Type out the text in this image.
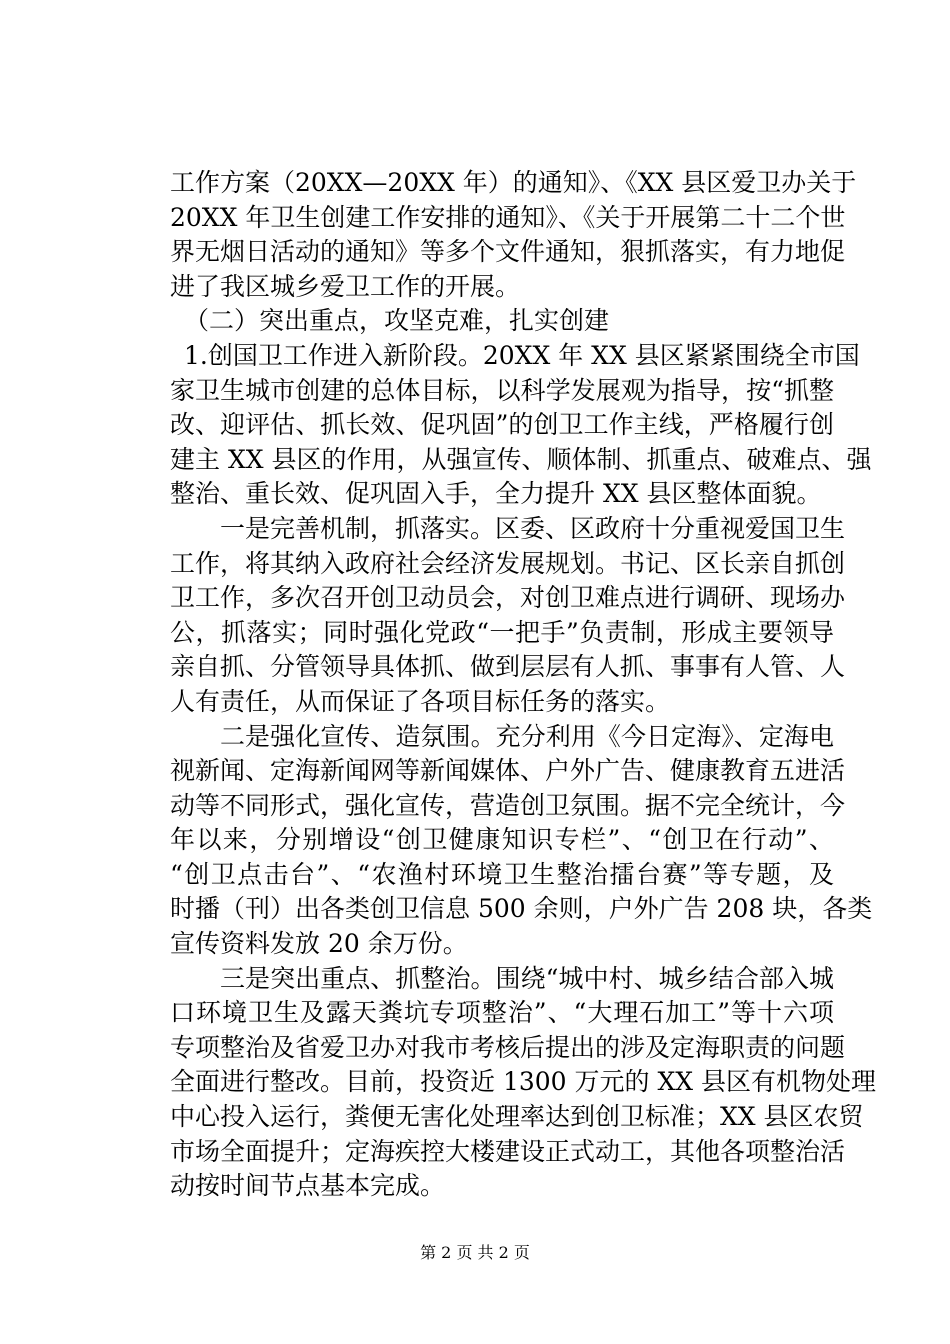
工作方案（20XX—20XX 年）的通知》、《XX 县区爱卫办关于
20XX 年卫生创建工作安排的通知》、《关于开展第二十二个世
界无烟日活动的通知》等多个文件通知，狠抓落实，有力地促
进了我区城乡爱卫工作的开展。
（二）突出重点，攻坚克难，扎实创建
1.创国卫工作进入新阶段。20XX 年 XX 县区紧紧围绕全市国
家卫生城市创建的总体目标，以科学发展观为指导，按“抓整
改、迎评估、抓长效、促巩固”的创卫工作主线，严格履行创
建主 XX 县区的作用，从强宣传、顺体制、抓重点、破难点、强
整治、重长效、促巩固入手，全力提升 XX 县区整体面貌。
一是完善机制，抓落实。区委、区政府十分重视爱国卫生
工作，将其纳入政府社会经济发展规划。书记、区长亲自抓创
卫工作，多次召开创卫动员会，对创卫难点进行调研、现场办
公，抓落实；同时强化党政“一把手”负责制，形成主要领导
亲自抓、分管领导具体抓、做到层层有人抓、事事有人管、人
人有责任，从而保证了各项目标任务的落实。
二是强化宣传、造氛围。充分利用《今日定海》、定海电
视新闻、定海新闻网等新闻媒体、户外广告、健康教育五进活
动等不同形式，强化宣传，营造创卫氛围。据不完全统计，今
年以来，分别增设“创卫健康知识专栏”、“创卫在行动”、
“创卫点击台”、“农渔村环境卫生整治擂台赛”等专题，及
时播（刊）出各类创卫信息 500 余则，户外广告 208 块，各类
宣传资料发放 20 余万份。
三是突出重点、抓整治。围绕“城中村、城乡结合部入城
口环境卫生及露天粪坑专项整治”、“大理石加工”等十六项
专项整治及省爱卫办对我市考核后提出的涉及定海职责的问题
全面进行整改。目前，投资近 1300 万元的 XX 县区有机物处理
中心投入运行，粪便无害化处理率达到创卫标准；XX 县区农贸
市场全面提升；定海疾控大楼建设正式动工，其他各项整治活
动按时间节点基本完成。
第 2 页 共 2 页
